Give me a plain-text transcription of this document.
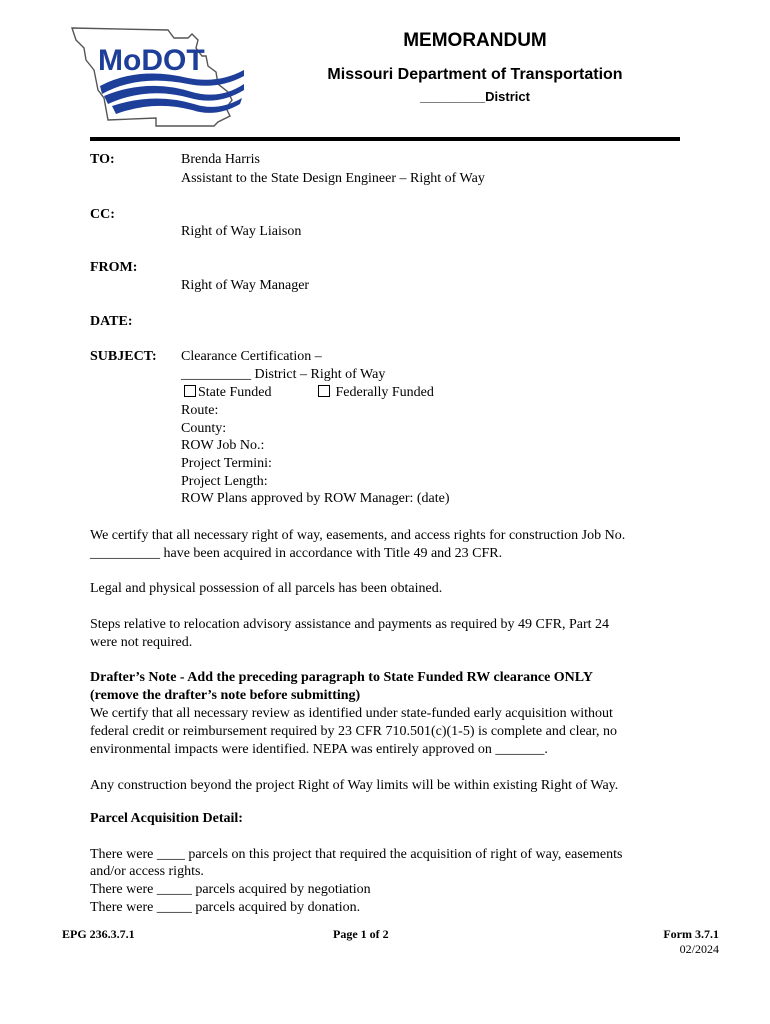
MoDOT
MEMORANDUM
Missouri Department of Transportation
_________District
TO:	Brenda Harris
Assistant to the State Design Engineer – Right of Way
CC:
Right of Way Liaison
FROM:
Right of Way Manager
DATE:
SUBJECT: Clearance Certification –
__________ District – Right of Way
State Funded	Federally Funded
Route:
County:
ROW Job No.:
Project Termini:
Project Length:
ROW Plans approved by ROW Manager: (date)
We certify that all necessary right of way, easements, and access rights for construction Job No.
__________ have been acquired in accordance with Title 49 and 23 CFR.
Legal and physical possession of all parcels has been obtained.
Steps relative to relocation advisory assistance and payments as required by 49 CFR, Part 24
were not required.
Drafter’s Note - Add the preceding paragraph to State Funded RW clearance ONLY
(remove the drafter’s note before submitting)
We certify that all necessary review as identified under state-funded early acquisition without
federal credit or reimbursement required by 23 CFR 710.501(c)(1-5) is complete and clear, no
environmental impacts were identified. NEPA was entirely approved on _______.
Any construction beyond the project Right of Way limits will be within existing Right of Way.
Parcel Acquisition Detail:
There were ____ parcels on this project that required the acquisition of right of way, easements
and/or access rights.
There were _____ parcels acquired by negotiation
There were _____ parcels acquired by donation.
EPG 236.3.7.1	Page 1 of 2	Form 3.7.1
02/2024
